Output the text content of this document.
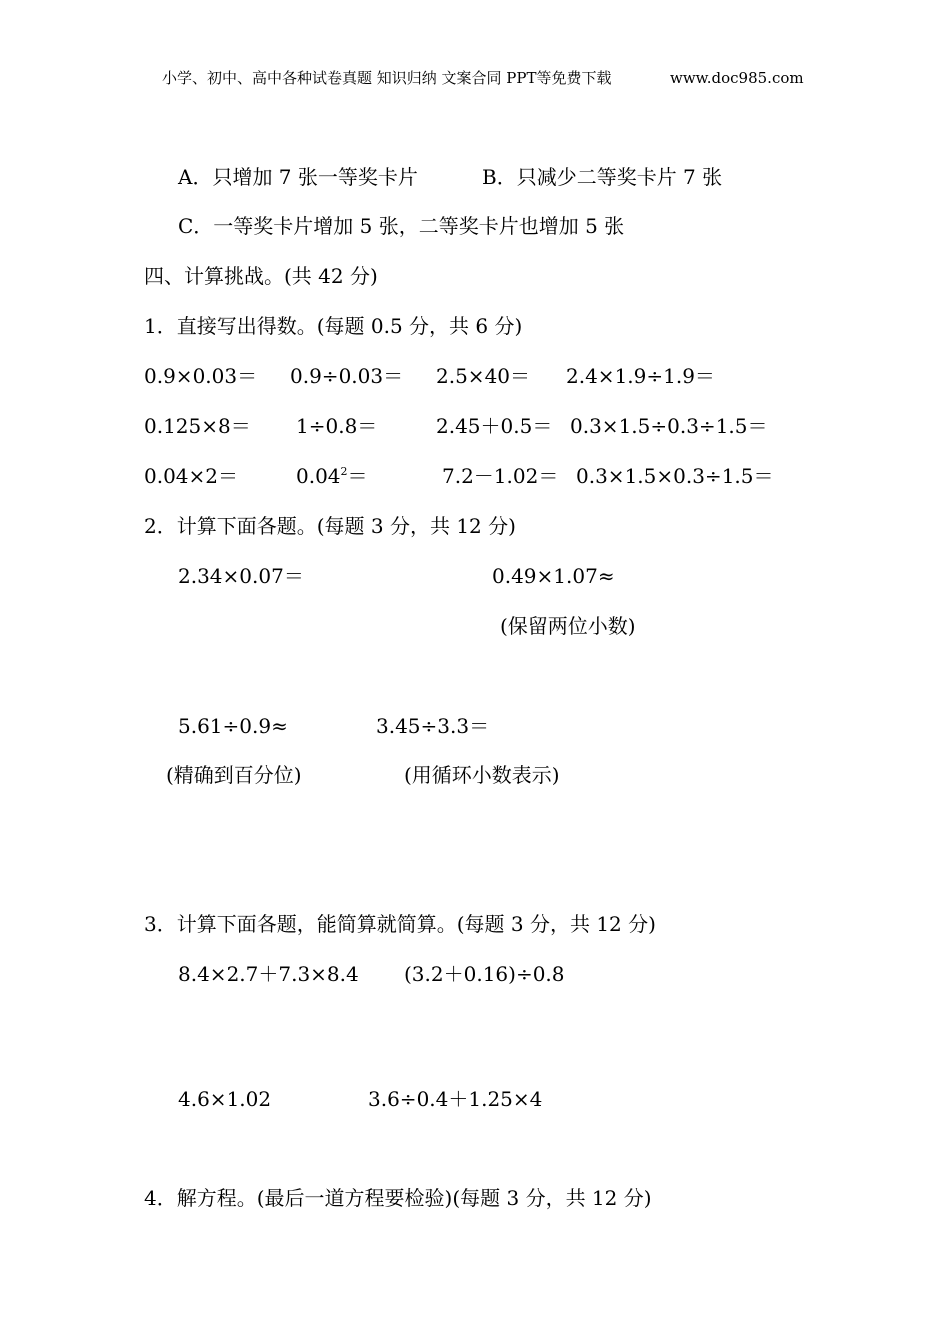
小学、初中、高中各种试卷真题 知识归纳 文案合同 PPT等免费下载	www.doc985.com
A．只增加 7 张一等奖卡片	B．只减少二等奖卡片 7 张
C．一等奖卡片增加 5 张，二等奖卡片也增加 5 张
四、计算挑战。(共 42 分)
1．直接写出得数。(每题 0.5 分，共 6 分)
0.9×0.03＝ 0.9÷0.03＝ 2.5×40＝ 2.4×1.9÷1.9＝
0.125×8＝ 1÷0.8＝	2.45＋0.5＝ 0.3×1.5÷0.3÷1.5＝
0.04×2＝	$0.04^2=$	7.2－1.02＝ 0.3×1.5×0.3÷1.5＝
2．计算下面各题。(每题 3 分，共 12 分)
2.34×0.07＝	0.49×1.07≈
(保留两位小数)
5.61÷0.9≈	3.45÷3.3＝
(精确到百分位)	(用循环小数表示)
3．计算下面各题，能简算就简算。(每题 3 分，共 12 分)
8.4×2.7＋7.3×8.4 (3.2＋0.16)÷0.8
4.6×1.02	3.6÷0.4＋1.25×4
4．解方程。(最后一道方程要检验)(每题 3 分，共 12 分)
